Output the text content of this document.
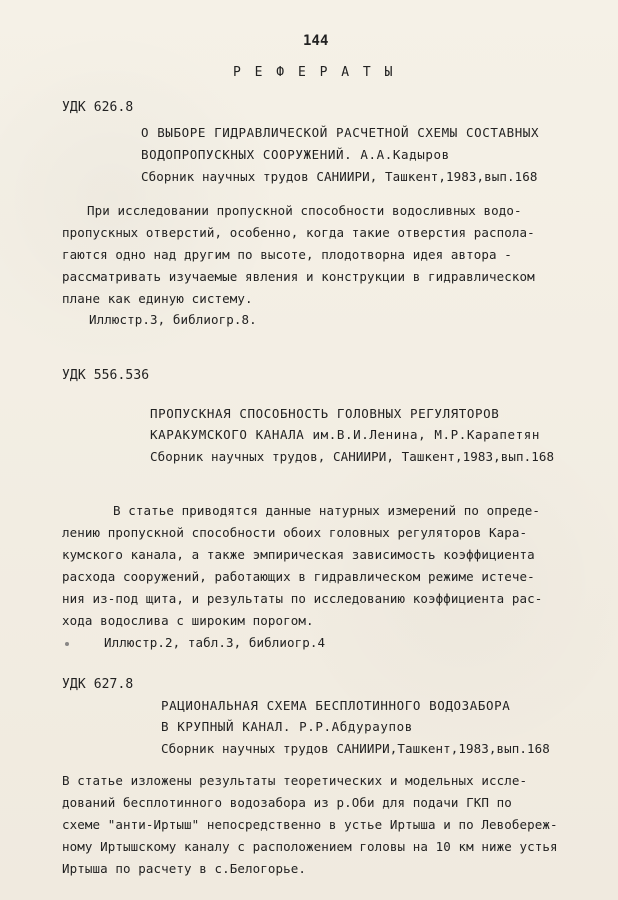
144
Р Е Ф Е Р А Т Ы
УДК 626.8
О ВЫБОРЕ ГИДРАВЛИЧЕСКОЙ РАСЧЕТНОЙ СХЕМЫ СОСТАВНЫХ
ВОДОПРОПУСКНЫХ СООРУЖЕНИЙ. А.А.Кадыров
Сборник научных трудов САНИИРИ, Ташкент,1983,вып.168
При исследовании пропускной способности водосливных водо-
пропускных отверстий, особенно, когда такие отверстия распола-
гаются одно над другим по высоте, плодотворна идея автора -
рассматривать изучаемые явления и конструкции в гидравлическом
плане как единую систему.
Иллюстр.3, библиогр.8.
УДК 556.536
ПРОПУСКНАЯ СПОСОБНОСТЬ ГОЛОВНЫХ РЕГУЛЯТОРОВ
КАРАКУМСКОГО КАНАЛА им.В.И.Ленина, М.Р.Карапетян
Сборник научных трудов, САНИИРИ, Ташкент,1983,вып.168
В статье приводятся данные натурных измерений по опреде-
лению пропускной способности обоих головных регуляторов Кара-
кумского канала, а также эмпирическая зависимость коэффициента
расхода сооружений, работающих в гидравлическом режиме истече-
ния из-под щита, и результаты по исследованию коэффициента рас-
хода водослива с широким порогом.
Иллюстр.2, табл.3, библиогр.4
УДК 627.8
РАЦИОНАЛЬНАЯ СХЕМА БЕСПЛОТИННОГО ВОДОЗАБОРА
В КРУПНЫЙ КАНАЛ. Р.Р.Абдураупов
Сборник научных трудов САНИИРИ,Ташкент,1983,вып.168
В статье изложены результаты теоретических и модельных иссле-
дований бесплотинного водозабора из р.Оби для подачи ГКП по
схеме "анти-Иртыш" непосредственно в устье Иртыша и по Левобереж-
ному Иртышскому каналу с расположением головы на 10 км ниже устья
Иртыша по расчету в с.Белогорье.
